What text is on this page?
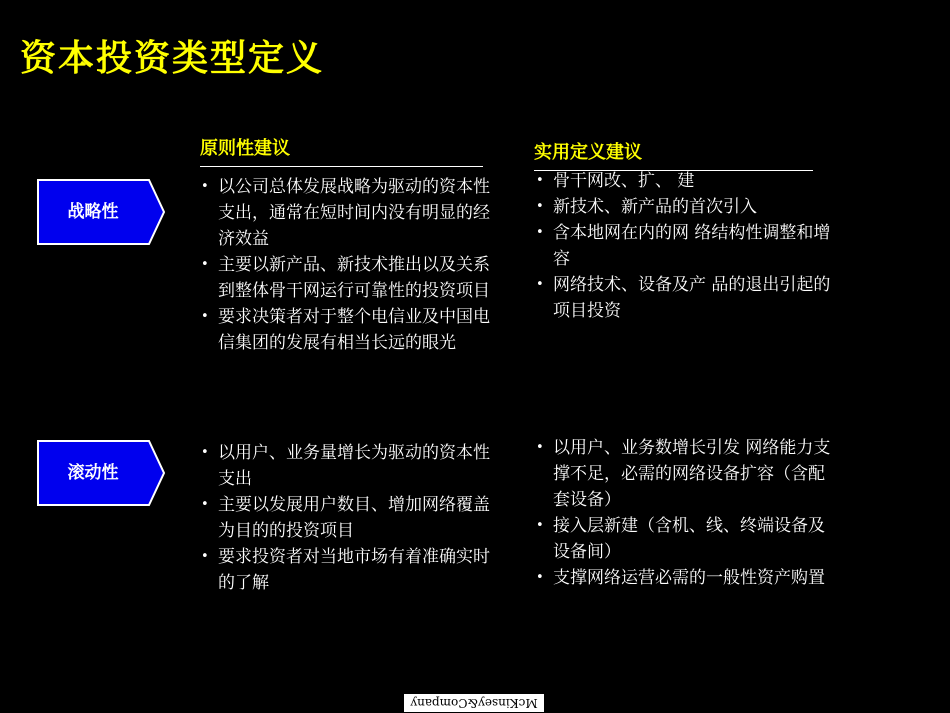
资本投资类型定义
原则性建议	实用定义建议
战略性
滚动性
• 以公司总体发展战略为驱动的资本性支出，通常在短时间内没有明显的经济效益
• 主要以新产品、新技术推出以及关系到整体骨干网运行可靠性的投资项目
• 要求决策者对于整个电信业及中国电信集团的发展有相当长远的眼光
• 骨干网改、扩、 建
• 新技术、新产品的首次引入
• 含本地网在内的网 络结构性调整和增容
• 网络技术、设备及产 品的退出引起的项目投资
• 以用户、业务量增长为驱动的资本性支出
• 主要以发展用户数目、增加网络覆盖为目的的投资项目
• 要求投资者对当地市场有着准确实时的了解
• 以用户、业务数增长引发 网络能力支撑不足，必需的网络设备扩容（含配套设备）
• 接入层新建（含机、线、终端设备及设备间）
• 支撑网络运营必需的一般性资产购置
McKinsey&Company
